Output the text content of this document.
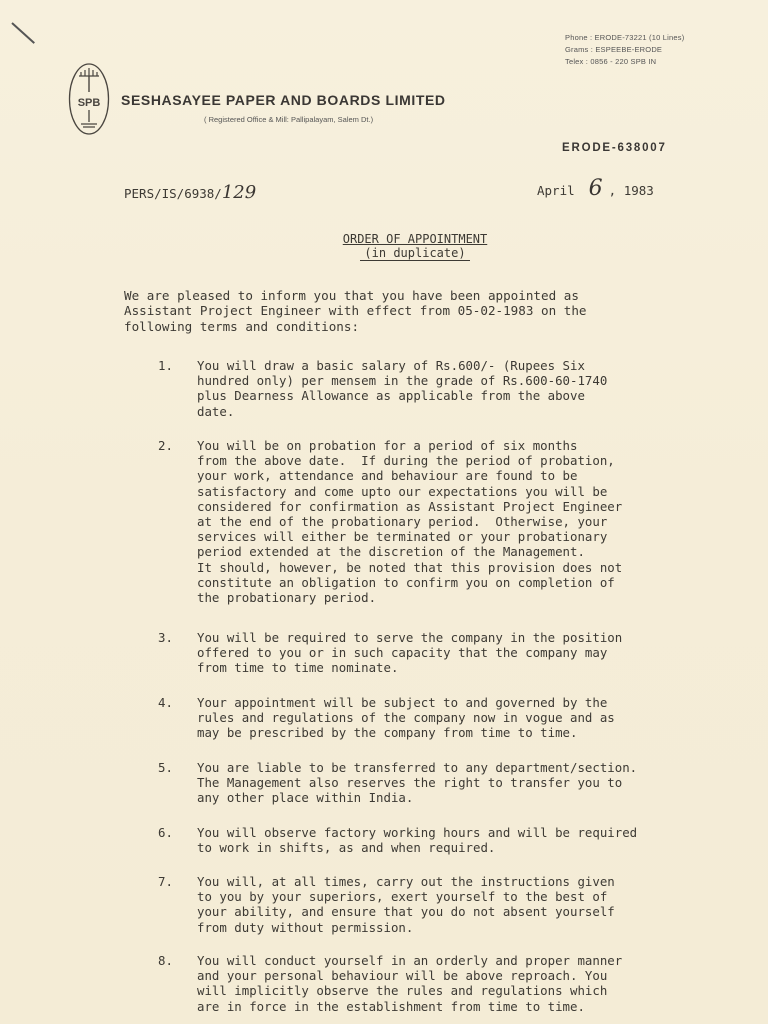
Phone : ERODE-73221 (10 Lines)
Grams : ESPEEBE-ERODE
Telex : 0856 - 220 SPB IN
SPB SESHASAYEE PAPER AND BOARDS LIMITED
( Registered Office & Mill: Pallipalayam, Salem Dt.)
ERODE-638007
PERS/IS/6938/129	April 6 , 1983
ORDER OF APPOINTMENT
(in duplicate)
We are pleased to inform you that you have been appointed as
Assistant Project Engineer with effect from 05-02-1983 on the
following terms and conditions:
1. You will draw a basic salary of Rs.600/- (Rupees Six
hundred only) per mensem in the grade of Rs.600-60-1740
plus Dearness Allowance as applicable from the above
date.
2. You will be on probation for a period of six months
from the above date.  If during the period of probation,
your work, attendance and behaviour are found to be
satisfactory and come upto our expectations you will be
considered for confirmation as Assistant Project Engineer
at the end of the probationary period.  Otherwise, your
services will either be terminated or your probationary
period extended at the discretion of the Management.
It should, however, be noted that this provision does not
constitute an obligation to confirm you on completion of
the probationary period.
3. You will be required to serve the company in the position
offered to you or in such capacity that the company may
from time to time nominate.
4. Your appointment will be subject to and governed by the
rules and regulations of the company now in vogue and as
may be prescribed by the company from time to time.
5. You are liable to be transferred to any department/section.
The Management also reserves the right to transfer you to
any other place within India.
6. You will observe factory working hours and will be required
to work in shifts, as and when required.
7. You will, at all times, carry out the instructions given
to you by your superiors, exert yourself to the best of
your ability, and ensure that you do not absent yourself
from duty without permission.
8. You will conduct yourself in an orderly and proper manner
and your personal behaviour will be above reproach. You
will implicitly observe the rules and regulations which
are in force in the establishment from time to time.
